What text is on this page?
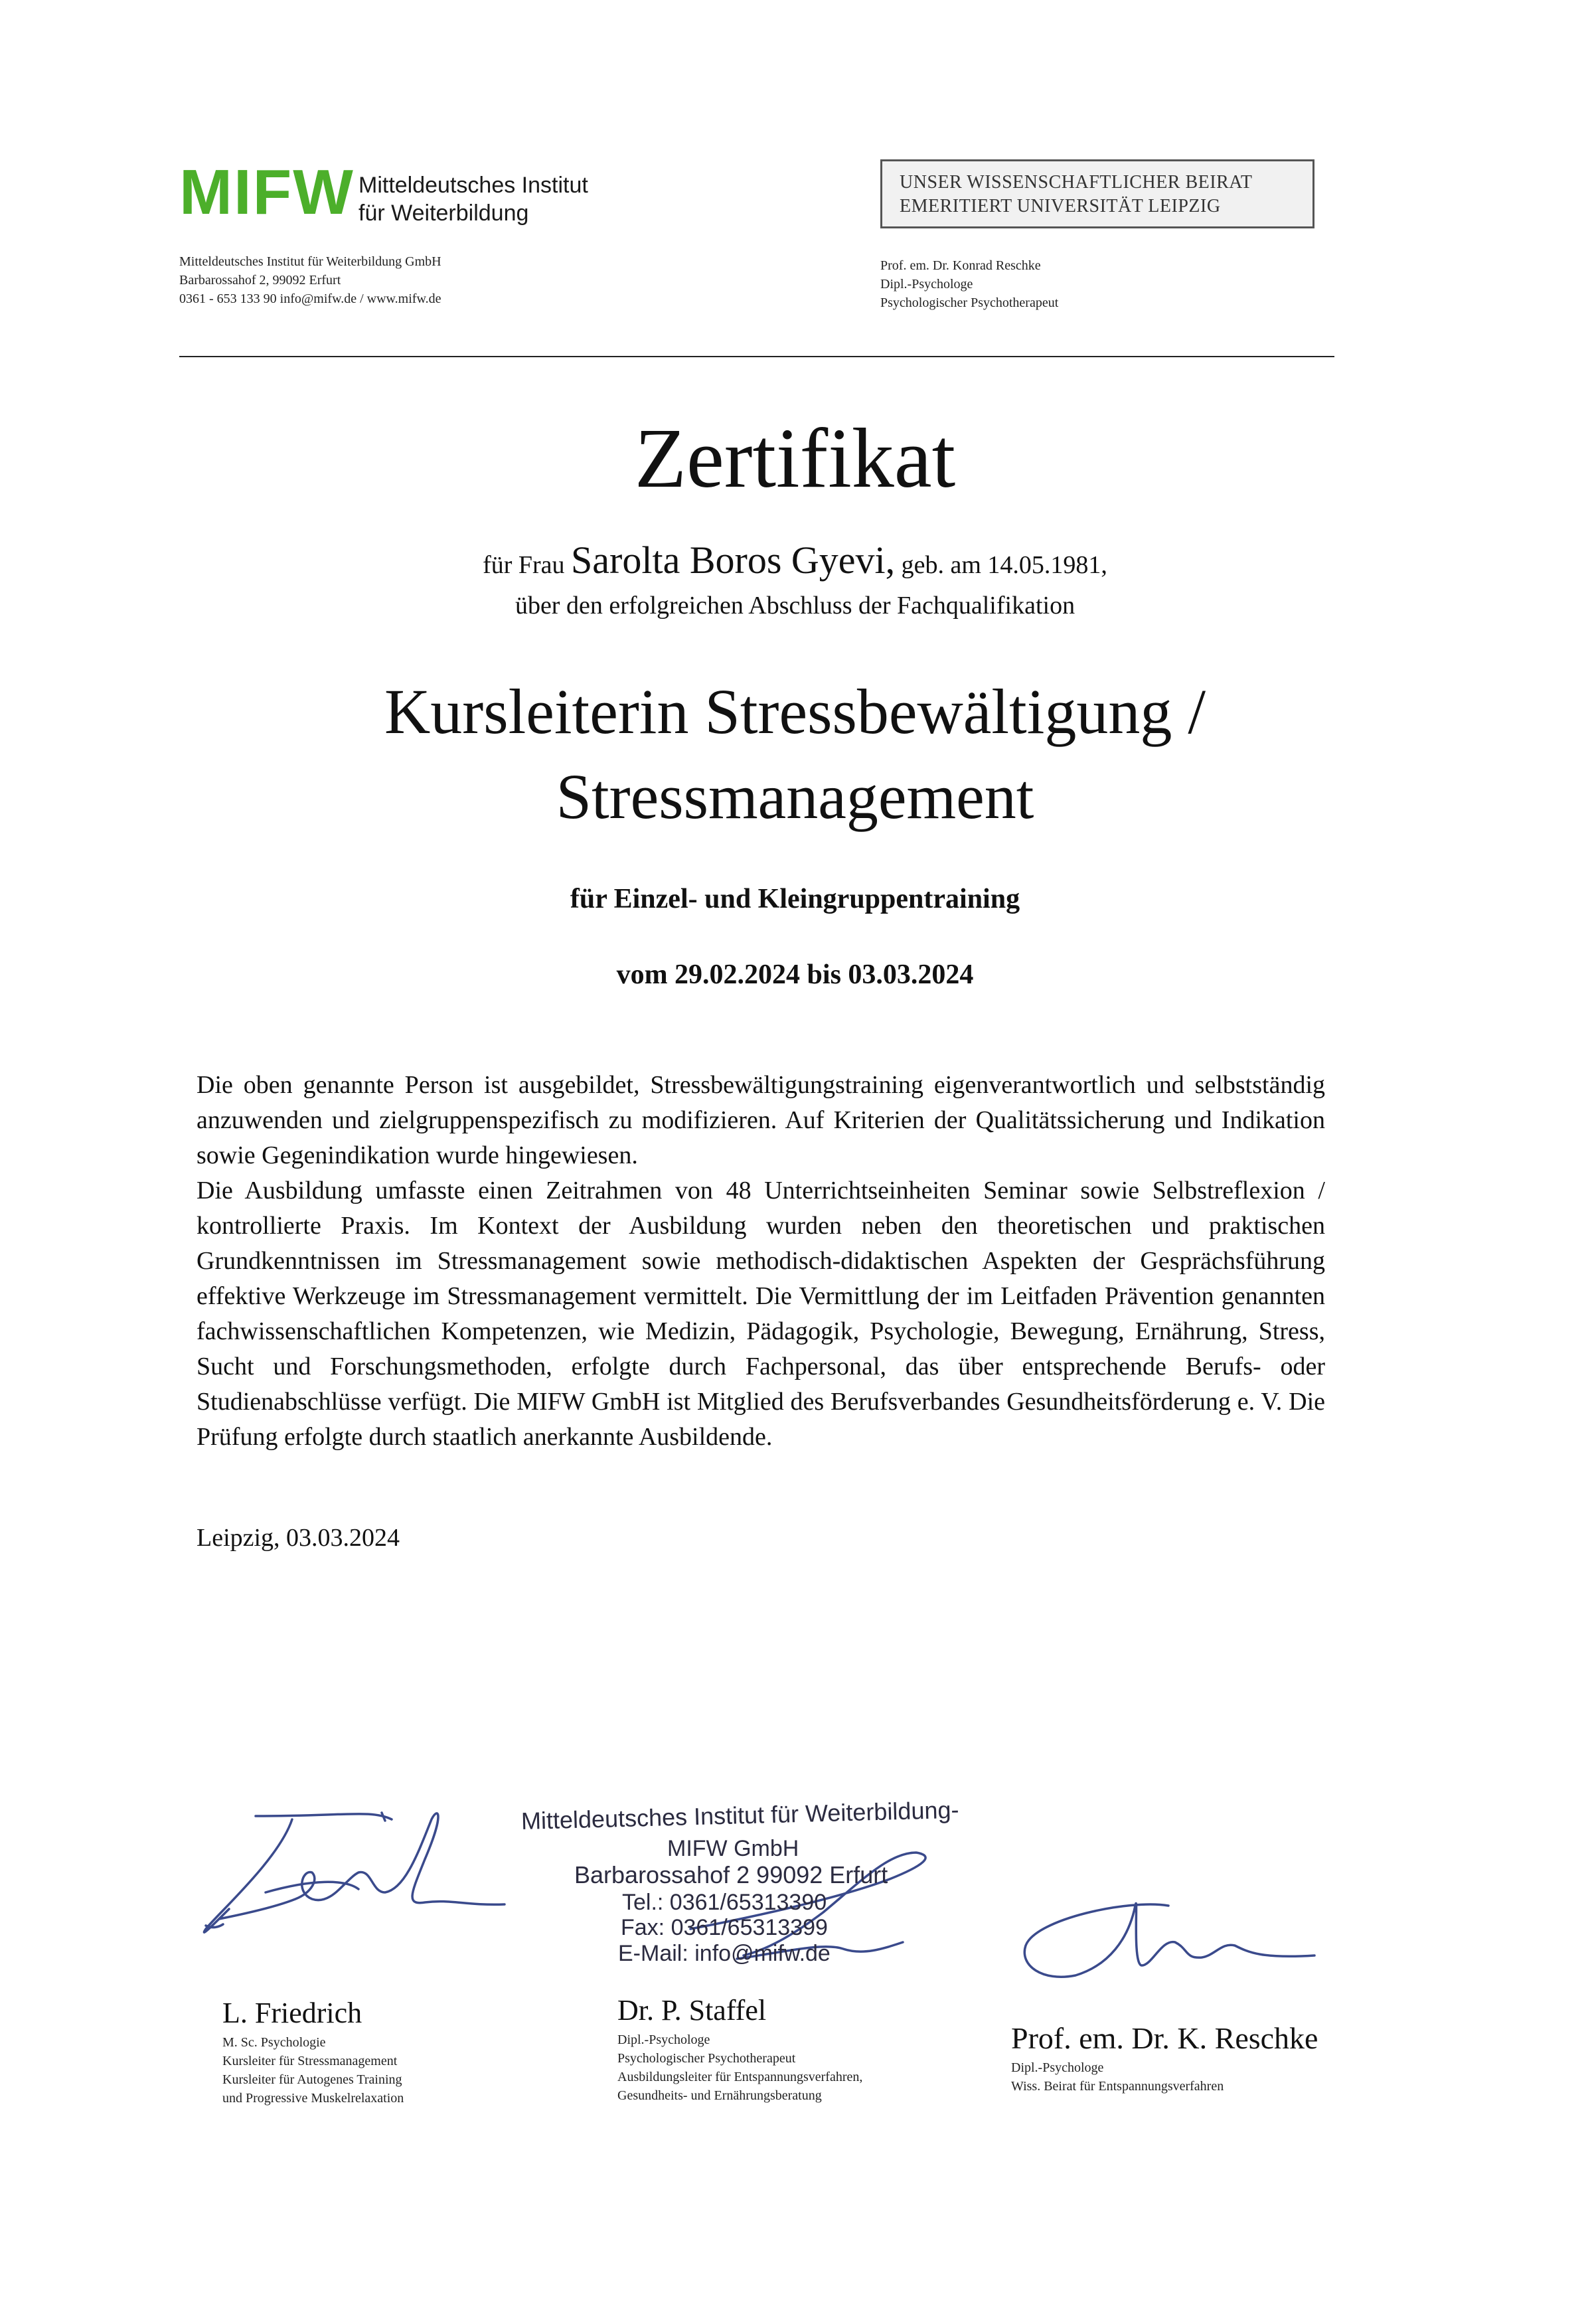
MIFW Mitteldeutsches Institut
für Weiterbildung
Mitteldeutsches Institut für Weiterbildung GmbH
Barbarossahof 2, 99092 Erfurt
0361 - 653 133 90 info@mifw.de / www.mifw.de
UNSER WISSENSCHAFTLICHER BEIRAT
EMERITIERT UNIVERSITÄT LEIPZIG
Prof. em. Dr. Konrad Reschke
Dipl.-Psychologe
Psychologischer Psychotherapeut
Zertifikat
für Frau Sarolta Boros Gyevi, geb. am 14.05.1981,
über den erfolgreichen Abschluss der Fachqualifikation
Kursleiterin Stressbewältigung /
Stressmanagement
für Einzel- und Kleingruppentraining
vom 29.02.2024 bis 03.03.2024

Die oben genannte Person ist ausgebildet, Stressbewältigungstraining eigenverantwortlich und selbstständig anzuwenden und zielgruppenspezifisch zu modifizieren. Auf Kriterien der Qualitätssicherung und Indikation sowie Gegenindikation wurde hingewiesen.

Die Ausbildung umfasste einen Zeitrahmen von 48 Unterrichtseinheiten Seminar sowie Selbstreflexion / kontrollierte Praxis. Im Kontext der Ausbildung wurden neben den theoretischen und praktischen Grundkenntnissen im Stressmanagement sowie methodisch-didaktischen Aspekten der Gesprächsführung effektive Werkzeuge im Stressmanagement vermittelt. Die Vermittlung der im Leitfaden Prävention genannten fachwissenschaftlichen Kompetenzen, wie Medizin, Pädagogik, Psychologie, Bewegung, Ernährung, Stress, Sucht und Forschungsmethoden, erfolgte durch Fachpersonal, das über entsprechende Berufs- oder Studienabschlüsse verfügt. Die MIFW GmbH ist Mitglied des Berufsverbandes Gesundheitsförderung e. V. Die Prüfung erfolgte durch staatlich anerkannte Ausbildende.

Leipzig, 03.03.2024
Mitteldeutsches Institut für Weiterbildung-
MIFW GmbH
Barbarossahof 2 99092 Erfurt
Tel.: 0361/65313390
Fax: 0361/65313399
E-Mail: info@mifw.de
L. Friedrich
M. Sc. Psychologie
Kursleiter für Stressmanagement
Kursleiter für Autogenes Training
und Progressive Muskelrelaxation
Dr. P. Staffel
Dipl.-Psychologe
Psychologischer Psychotherapeut
Ausbildungsleiter für Entspannungsverfahren,
Gesundheits- und Ernährungsberatung
Prof. em. Dr. K. Reschke
Dipl.-Psychologe
Wiss. Beirat für Entspannungsverfahren
